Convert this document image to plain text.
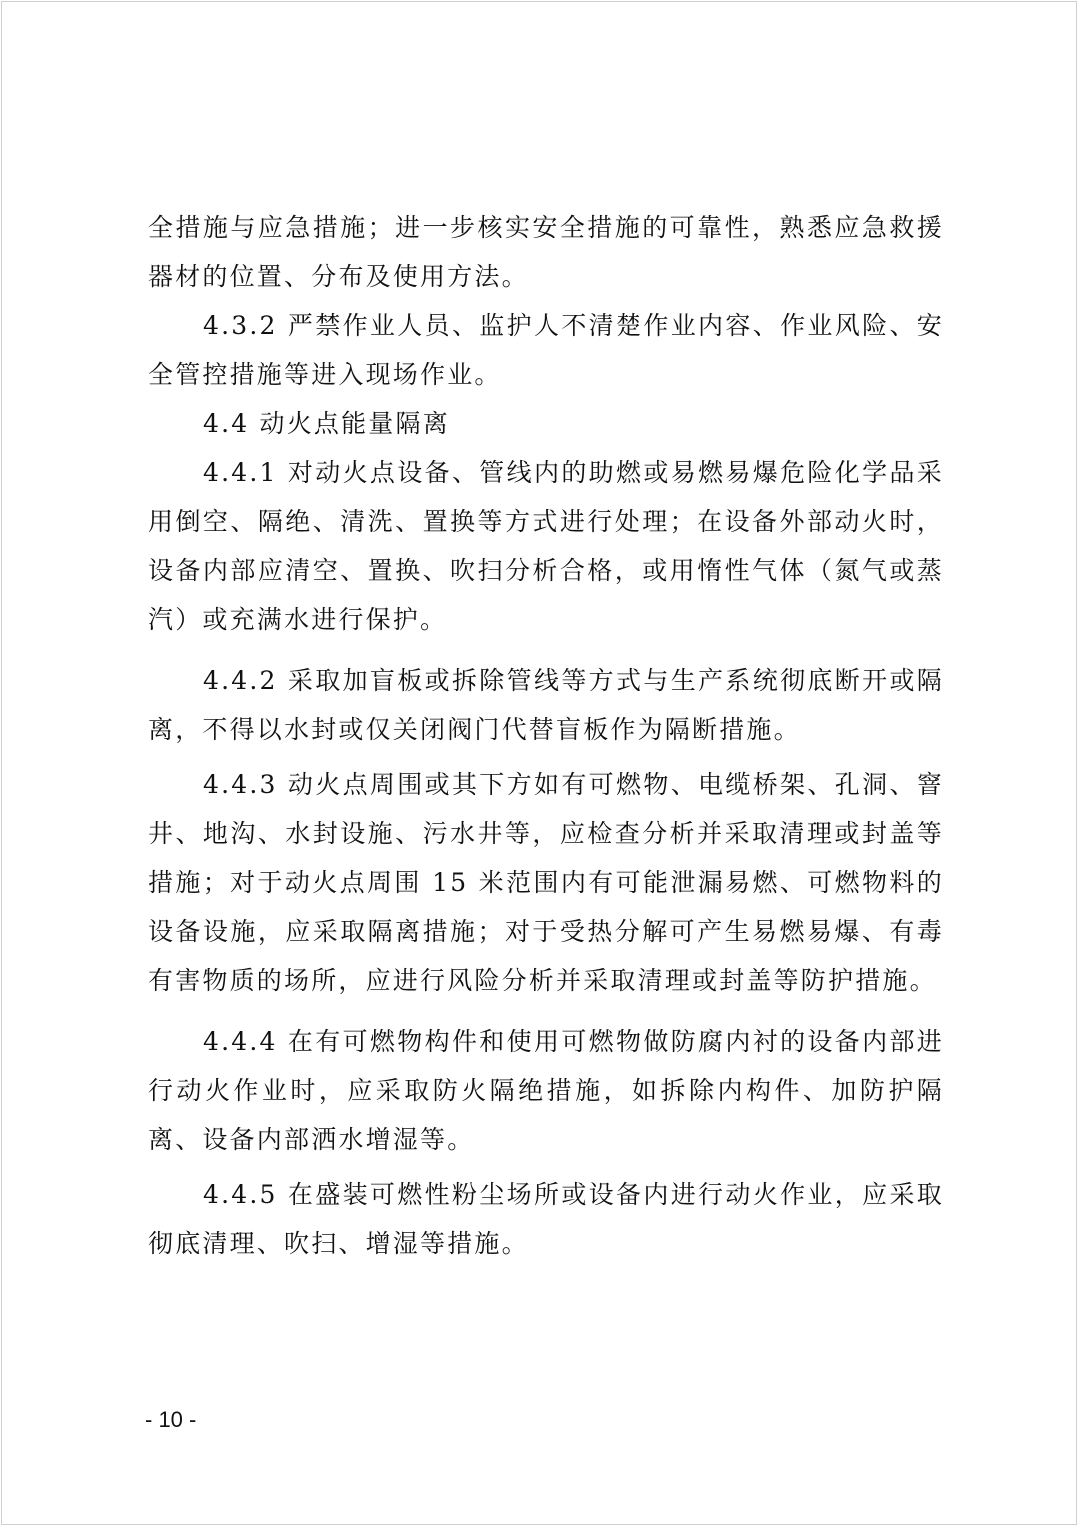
全措施与应急措施；进一步核实安全措施的可靠性，熟悉应急救援器材的位置、分布及使用方法。

4.3.2 严禁作业人员、监护人不清楚作业内容、作业风险、安全管控措施等进入现场作业。

4.4 动火点能量隔离

4.4.1 对动火点设备、管线内的助燃或易燃易爆危险化学品采用倒空、隔绝、清洗、置换等方式进行处理；在设备外部动火时，设备内部应清空、置换、吹扫分析合格，或用惰性气体（氮气或蒸汽）或充满水进行保护。

4.4.2 采取加盲板或拆除管线等方式与生产系统彻底断开或隔离，不得以水封或仅关闭阀门代替盲板作为隔断措施。

4.4.3 动火点周围或其下方如有可燃物、电缆桥架、孔洞、窨井、地沟、水封设施、污水井等，应检查分析并采取清理或封盖等措施；对于动火点周围 15 米范围内有可能泄漏易燃、可燃物料的设备设施，应采取隔离措施；对于受热分解可产生易燃易爆、有毒有害物质的场所，应进行风险分析并采取清理或封盖等防护措施。

4.4.4 在有可燃物构件和使用可燃物做防腐内衬的设备内部进行动火作业时，应采取防火隔绝措施，如拆除内构件、加防护隔离、设备内部洒水增湿等。

4.4.5 在盛装可燃性粉尘场所或设备内进行动火作业，应采取彻底清理、吹扫、增湿等措施。

- 10 -
